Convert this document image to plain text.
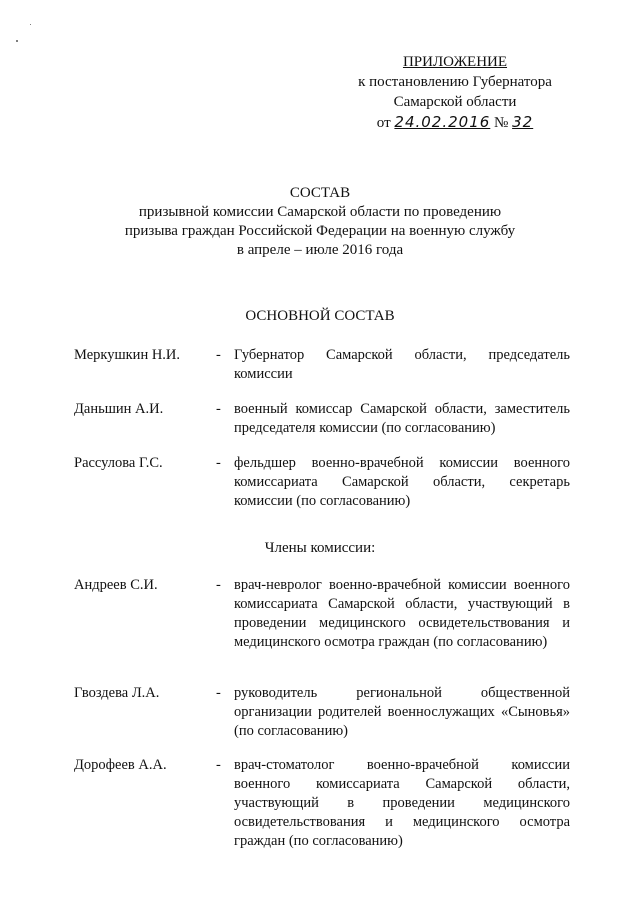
ПРИЛОЖЕНИЕ
к постановлению Губернатора
Самарской области
от 24.02.2016 № 32
СОСТАВ
призывной комиссии Самарской области по проведению
призыва граждан Российской Федерации на военную службу
в апреле – июле 2016 года
ОСНОВНОЙ СОСТАВ
Меркушкин Н.И.	- Губернатор Самарской области, председатель комиссии
Даньшин А.И.	- военный комиссар Самарской области, заместитель председателя комиссии (по согласованию)
Рассулова Г.С.	- фельдшер военно-врачебной комиссии военного комиссариата Самарской области, секретарь комиссии (по согласованию)
Члены комиссии:
Андреев С.И.	- врач-невролог военно-врачебной комиссии военного комиссариата Самарской области, участвующий в проведении медицинского освидетельствования и медицинского осмотра граждан (по согласованию)
Гвоздева Л.А.	- руководитель региональной общественной организации родителей военнослужащих «Сыновья» (по согласованию)
Дорофеев А.А.	- врач-стоматолог военно-врачебной комиссии военного комиссариата Самарской области, участвующий в проведении медицинского освидетельствования и медицинского осмотра граждан (по согласованию)
